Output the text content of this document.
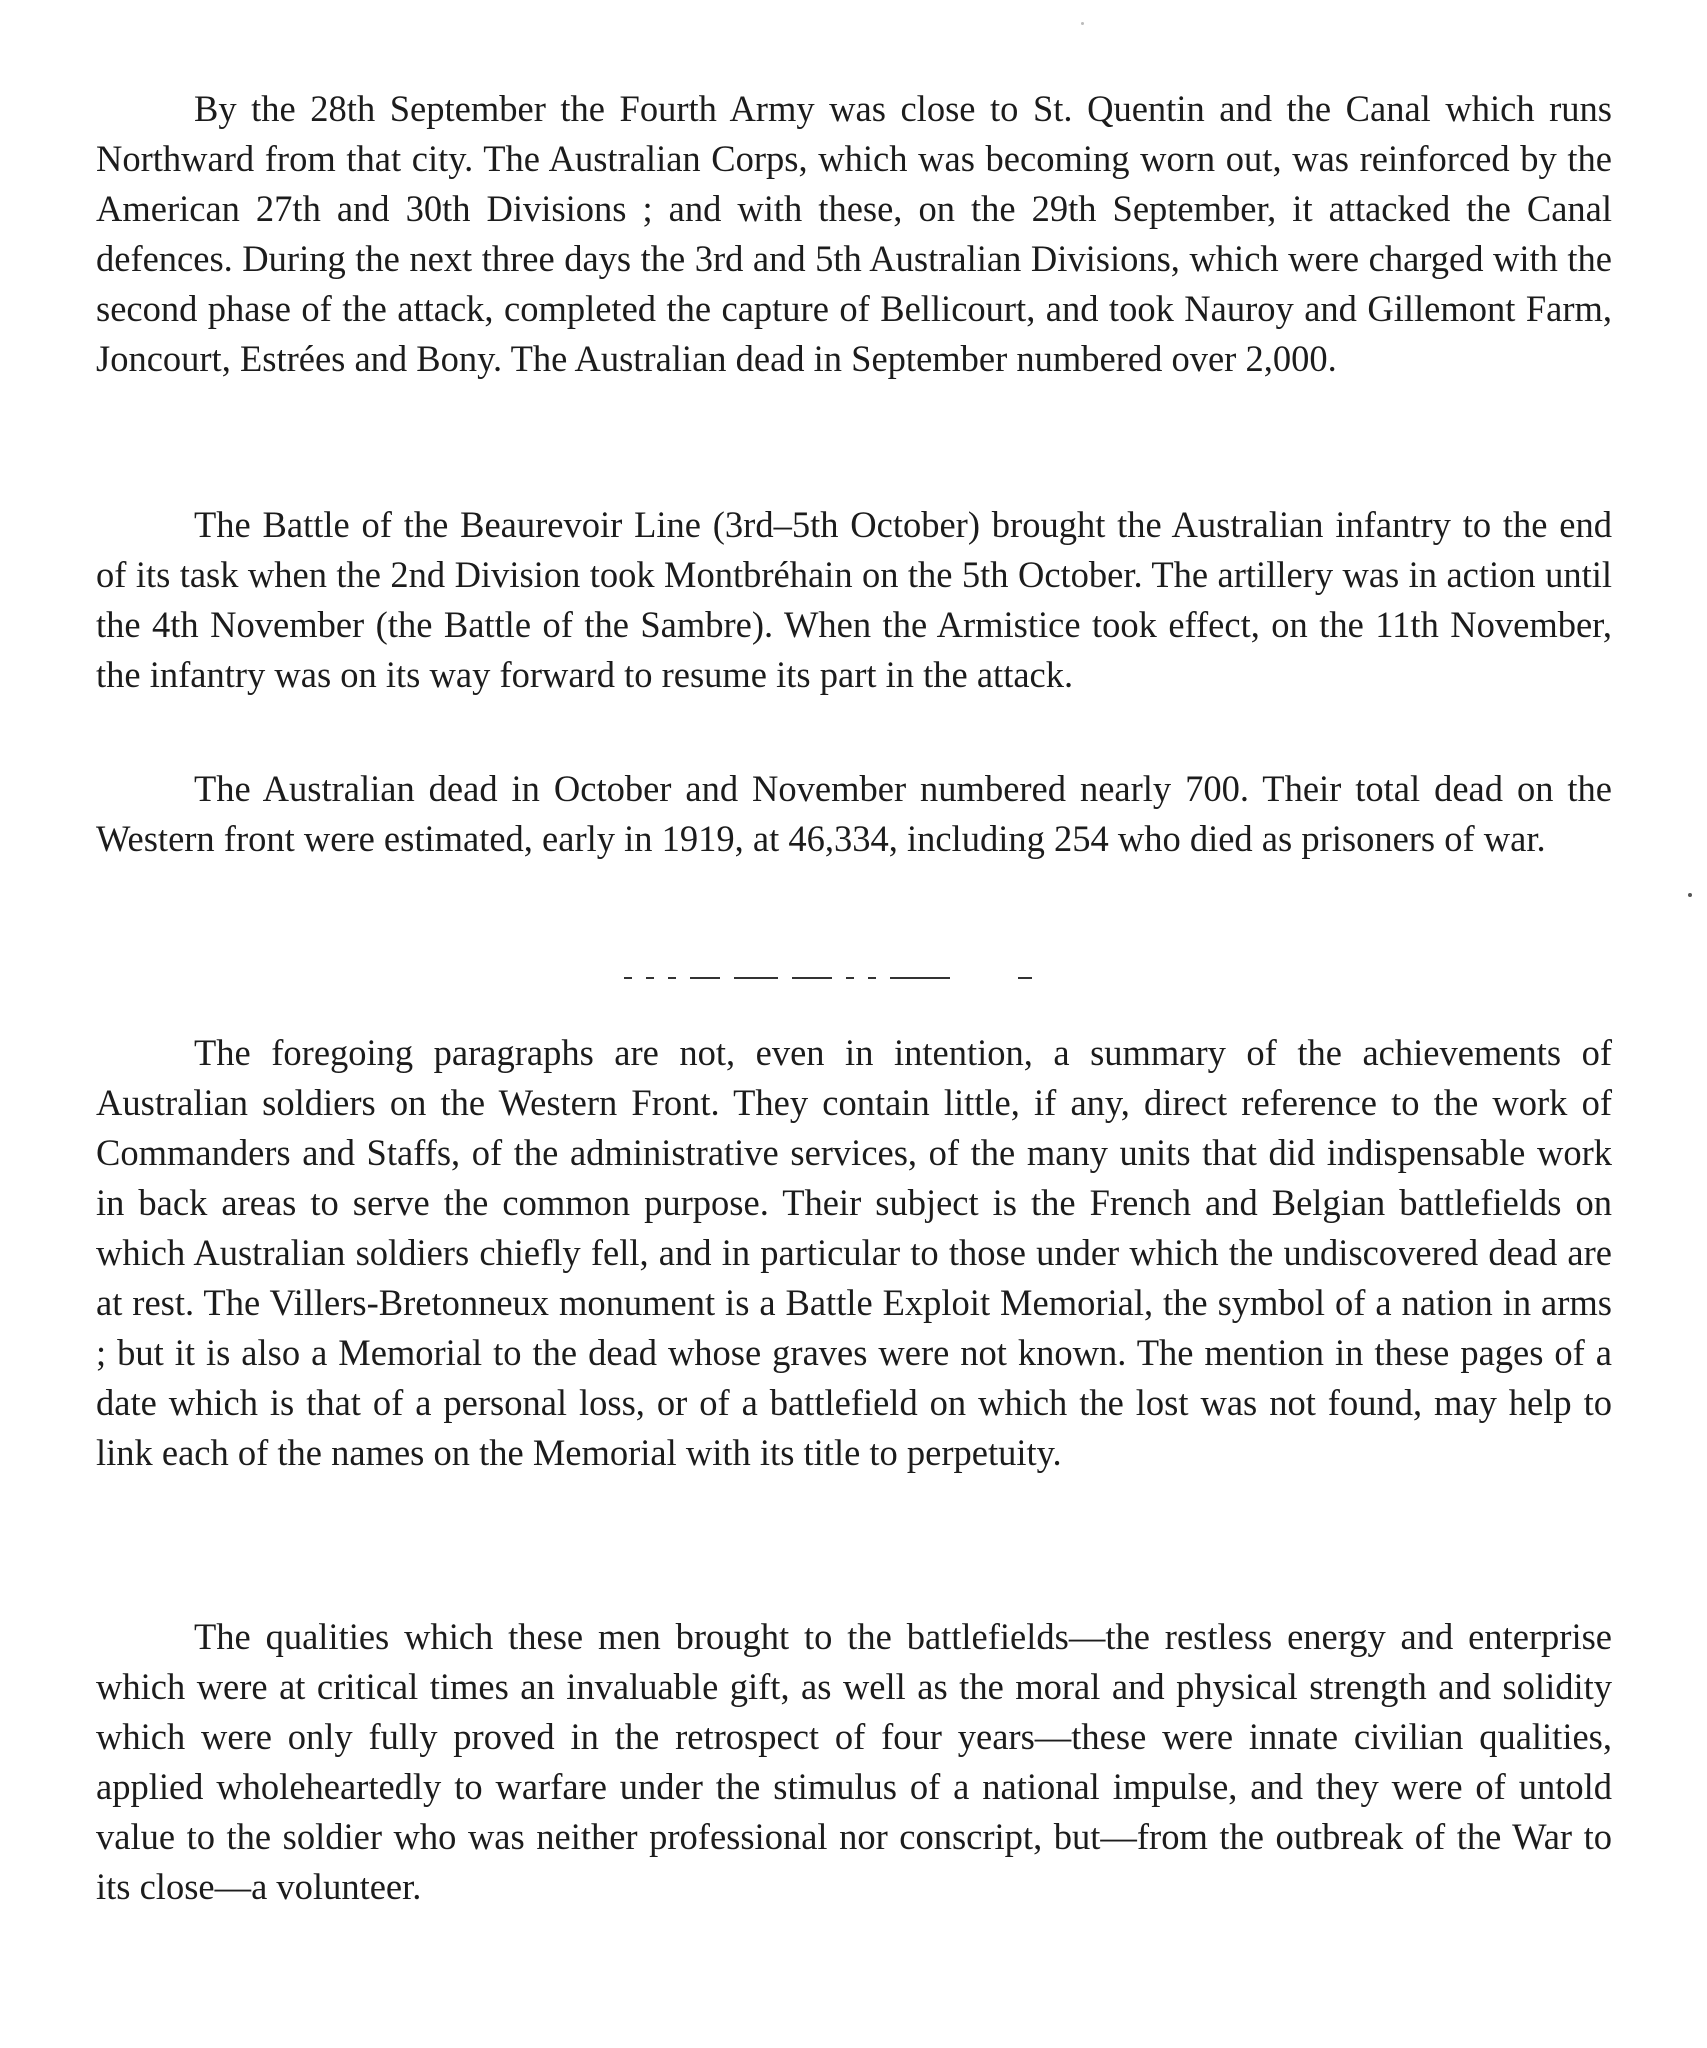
By the 28th September the Fourth Army was close to St. Quentin and the Canal which runs Northward from that city. The Australian Corps, which was becoming worn out, was reinforced by the American 27th and 30th Divisions ; and with these, on the 29th September, it attacked the Canal defences. During the next three days the 3rd and 5th Australian Divisions, which were charged with the second phase of the attack, completed the capture of Bellicourt, and took Nauroy and Gillemont Farm, Joncourt, Estrées and Bony. The Australian dead in September numbered over 2,000.

The Battle of the Beaurevoir Line (3rd–5th October) brought the Australian infantry to the end of its task when the 2nd Division took Montbréhain on the 5th October. The artillery was in action until the 4th November (the Battle of the Sambre). When the Armistice took effect, on the 11th November, the infantry was on its way forward to resume its part in the attack.

The Australian dead in October and November numbered nearly 700. Their total dead on the Western front were estimated, early in 1919, at 46,334, including 254 who died as prisoners of war.

The foregoing paragraphs are not, even in intention, a summary of the achievements of Australian soldiers on the Western Front. They contain little, if any, direct reference to the work of Commanders and Staffs, of the administrative services, of the many units that did indispensable work in back areas to serve the common purpose. Their subject is the French and Belgian battlefields on which Australian soldiers chiefly fell, and in particular to those under which the undiscovered dead are at rest. The Villers-Bretonneux monument is a Battle Exploit Memorial, the symbol of a nation in arms ; but it is also a Memorial to the dead whose graves were not known. The mention in these pages of a date which is that of a personal loss, or of a battlefield on which the lost was not found, may help to link each of the names on the Memorial with its title to perpetuity.

The qualities which these men brought to the battlefields—the restless energy and enterprise which were at critical times an invaluable gift, as well as the moral and physical strength and solidity which were only fully proved in the retrospect of four years—these were innate civilian qualities, applied wholeheartedly to warfare under the stimulus of a national impulse, and they were of untold value to the soldier who was neither professional nor conscript, but—from the outbreak of the War to its close—a volunteer.
